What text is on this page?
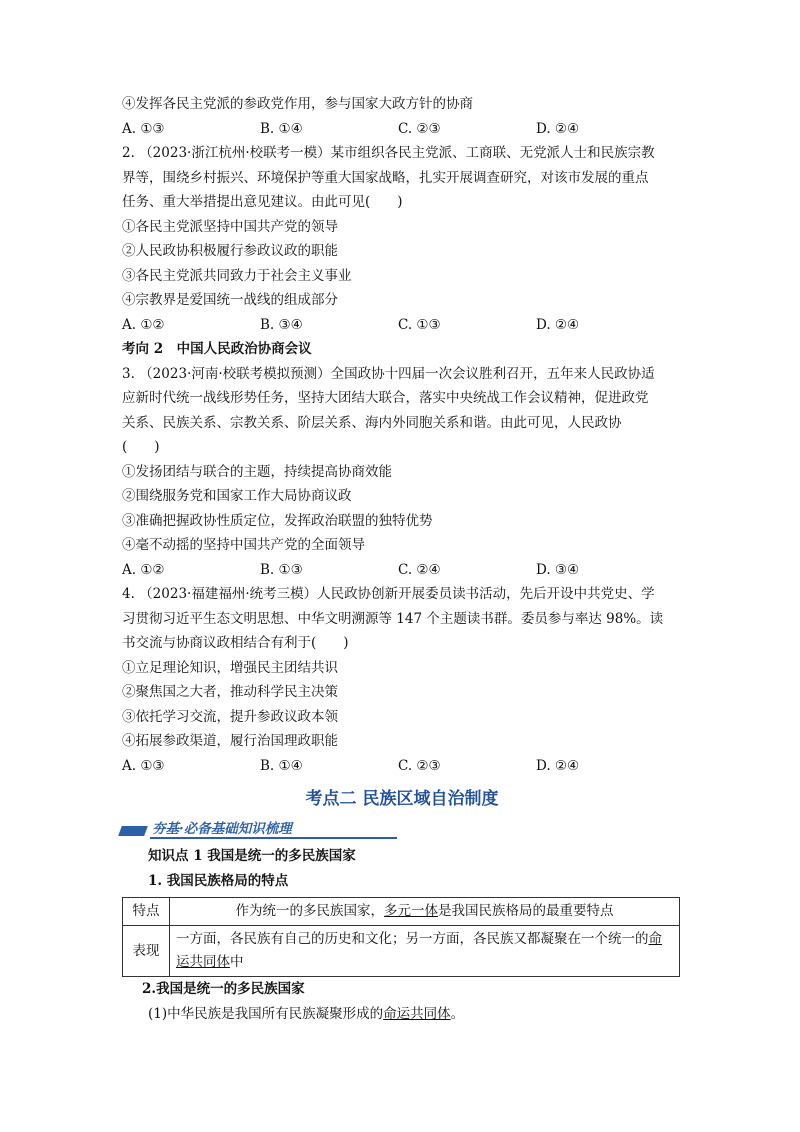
④发挥各民主党派的参政党作用，参与国家大政方针的协商
A. ①③	B. ①④	C. ②③	D. ②④
2. （2023·浙江杭州·校联考一模）某市组织各民主党派、工商联、无党派人士和民族宗教
界等，围绕乡村振兴、环境保护等重大国家战略，扎实开展调查研究，对该市发展的重点
任务、重大举措提出意见建议。由此可见(　　)
①各民主党派坚持中国共产党的领导
②人民政协积极履行参政议政的职能
③各民主党派共同致力于社会主义事业
④宗教界是爱国统一战线的组成部分
A. ①②	B. ③④	C. ①③	D. ②④
考向 2　中国人民政治协商会议
3. （2023·河南·校联考模拟预测）全国政协十四届一次会议胜利召开，五年来人民政协适
应新时代统一战线形势任务，坚持大团结大联合，落实中央统战工作会议精神，促进政党
关系、民族关系、宗教关系、阶层关系、海内外同胞关系和谐。由此可见，人民政协
(　　)
①发扬团结与联合的主题，持续提高协商效能
②围绕服务党和国家工作大局协商议政
③准确把握政协性质定位，发挥政治联盟的独特优势
④毫不动摇的坚持中国共产党的全面领导
A. ①②	B. ①③	C. ②④	D. ③④
4. （2023·福建福州·统考三模）人民政协创新开展委员读书活动，先后开设中共党史、学
习贯彻习近平生态文明思想、中华文明溯源等 147 个主题读书群。委员参与率达 98%。读
书交流与协商议政相结合有利于(　　)
①立足理论知识，增强民主团结共识
②聚焦国之大者，推动科学民主决策
③依托学习交流，提升参政议政本领
④拓展参政渠道，履行治国理政职能
A. ①③	B. ①④	C. ②③	D. ②④
考点二 民族区域自治制度
夯基·必备基础知识梳理
知识点 1 我国是统一的多民族国家
1. 我国民族格局的特点
特点	作为统一的多民族国家，多元一体是我国民族格局的最重要特点
表现	一方面，各民族有自己的历史和文化；另一方面，各民族又都凝聚在一个统一的命
运共同体中
2.我国是统一的多民族国家
(1)中华民族是我国所有民族凝聚形成的命运共同体。
